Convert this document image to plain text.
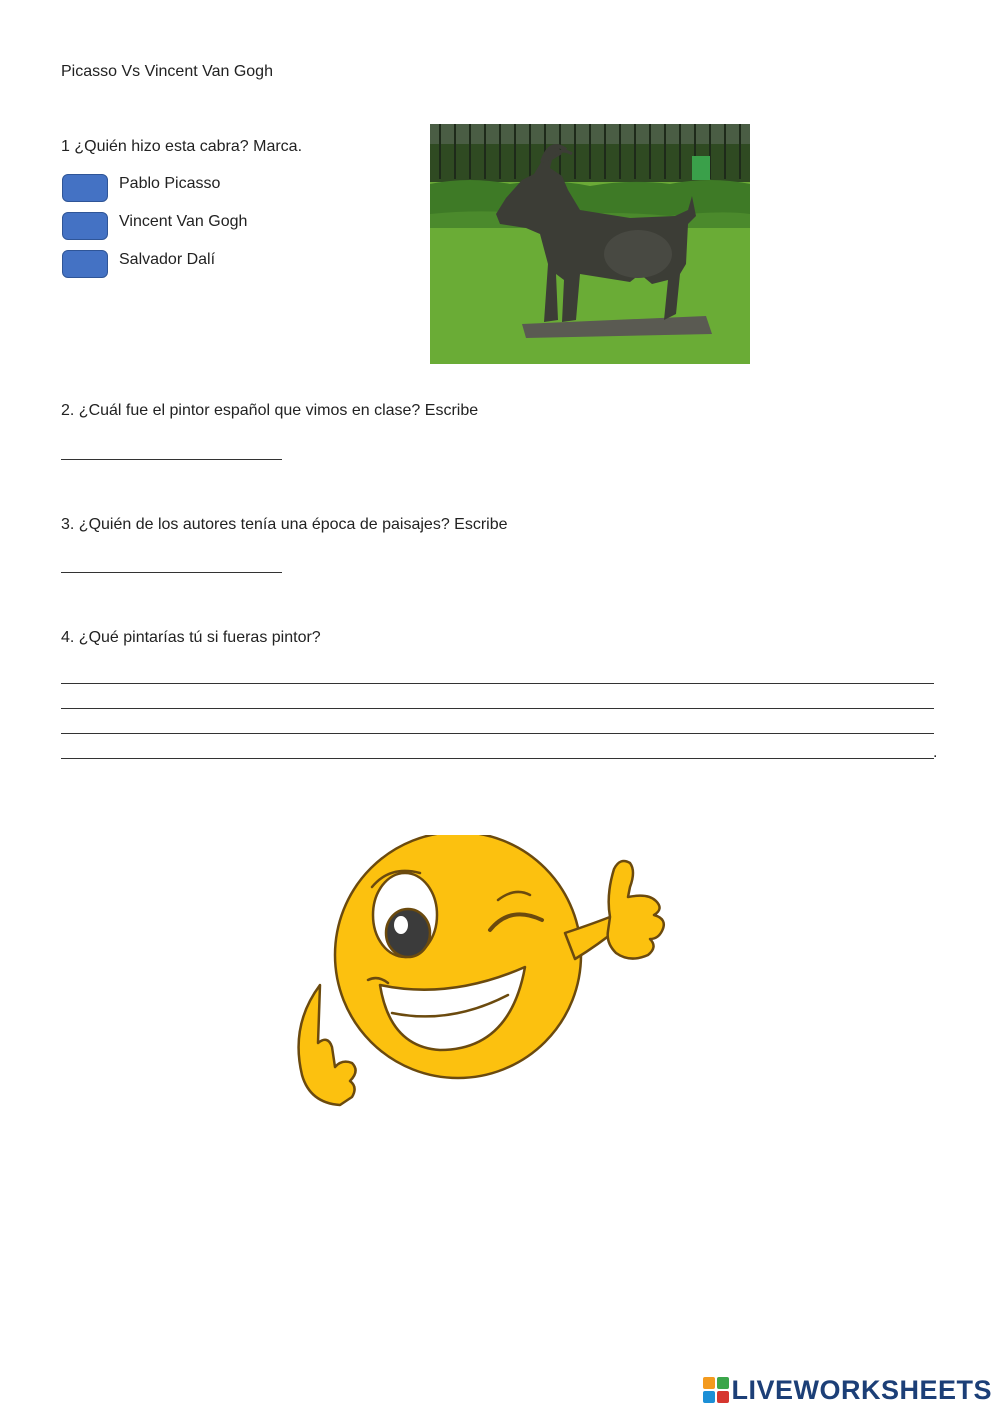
Picasso Vs Vincent Van Gogh
1 ¿Quién hizo esta cabra? Marca.
Pablo Picasso
Vincent Van Gogh
Salvador Dalí
2. ¿Cuál fue el pintor español que vimos en clase? Escribe
3. ¿Quién de los autores tenía una época de paisajes? Escribe
4. ¿Qué pintarías tú si fueras pintor?
.
LIVEWORKSHEETS
